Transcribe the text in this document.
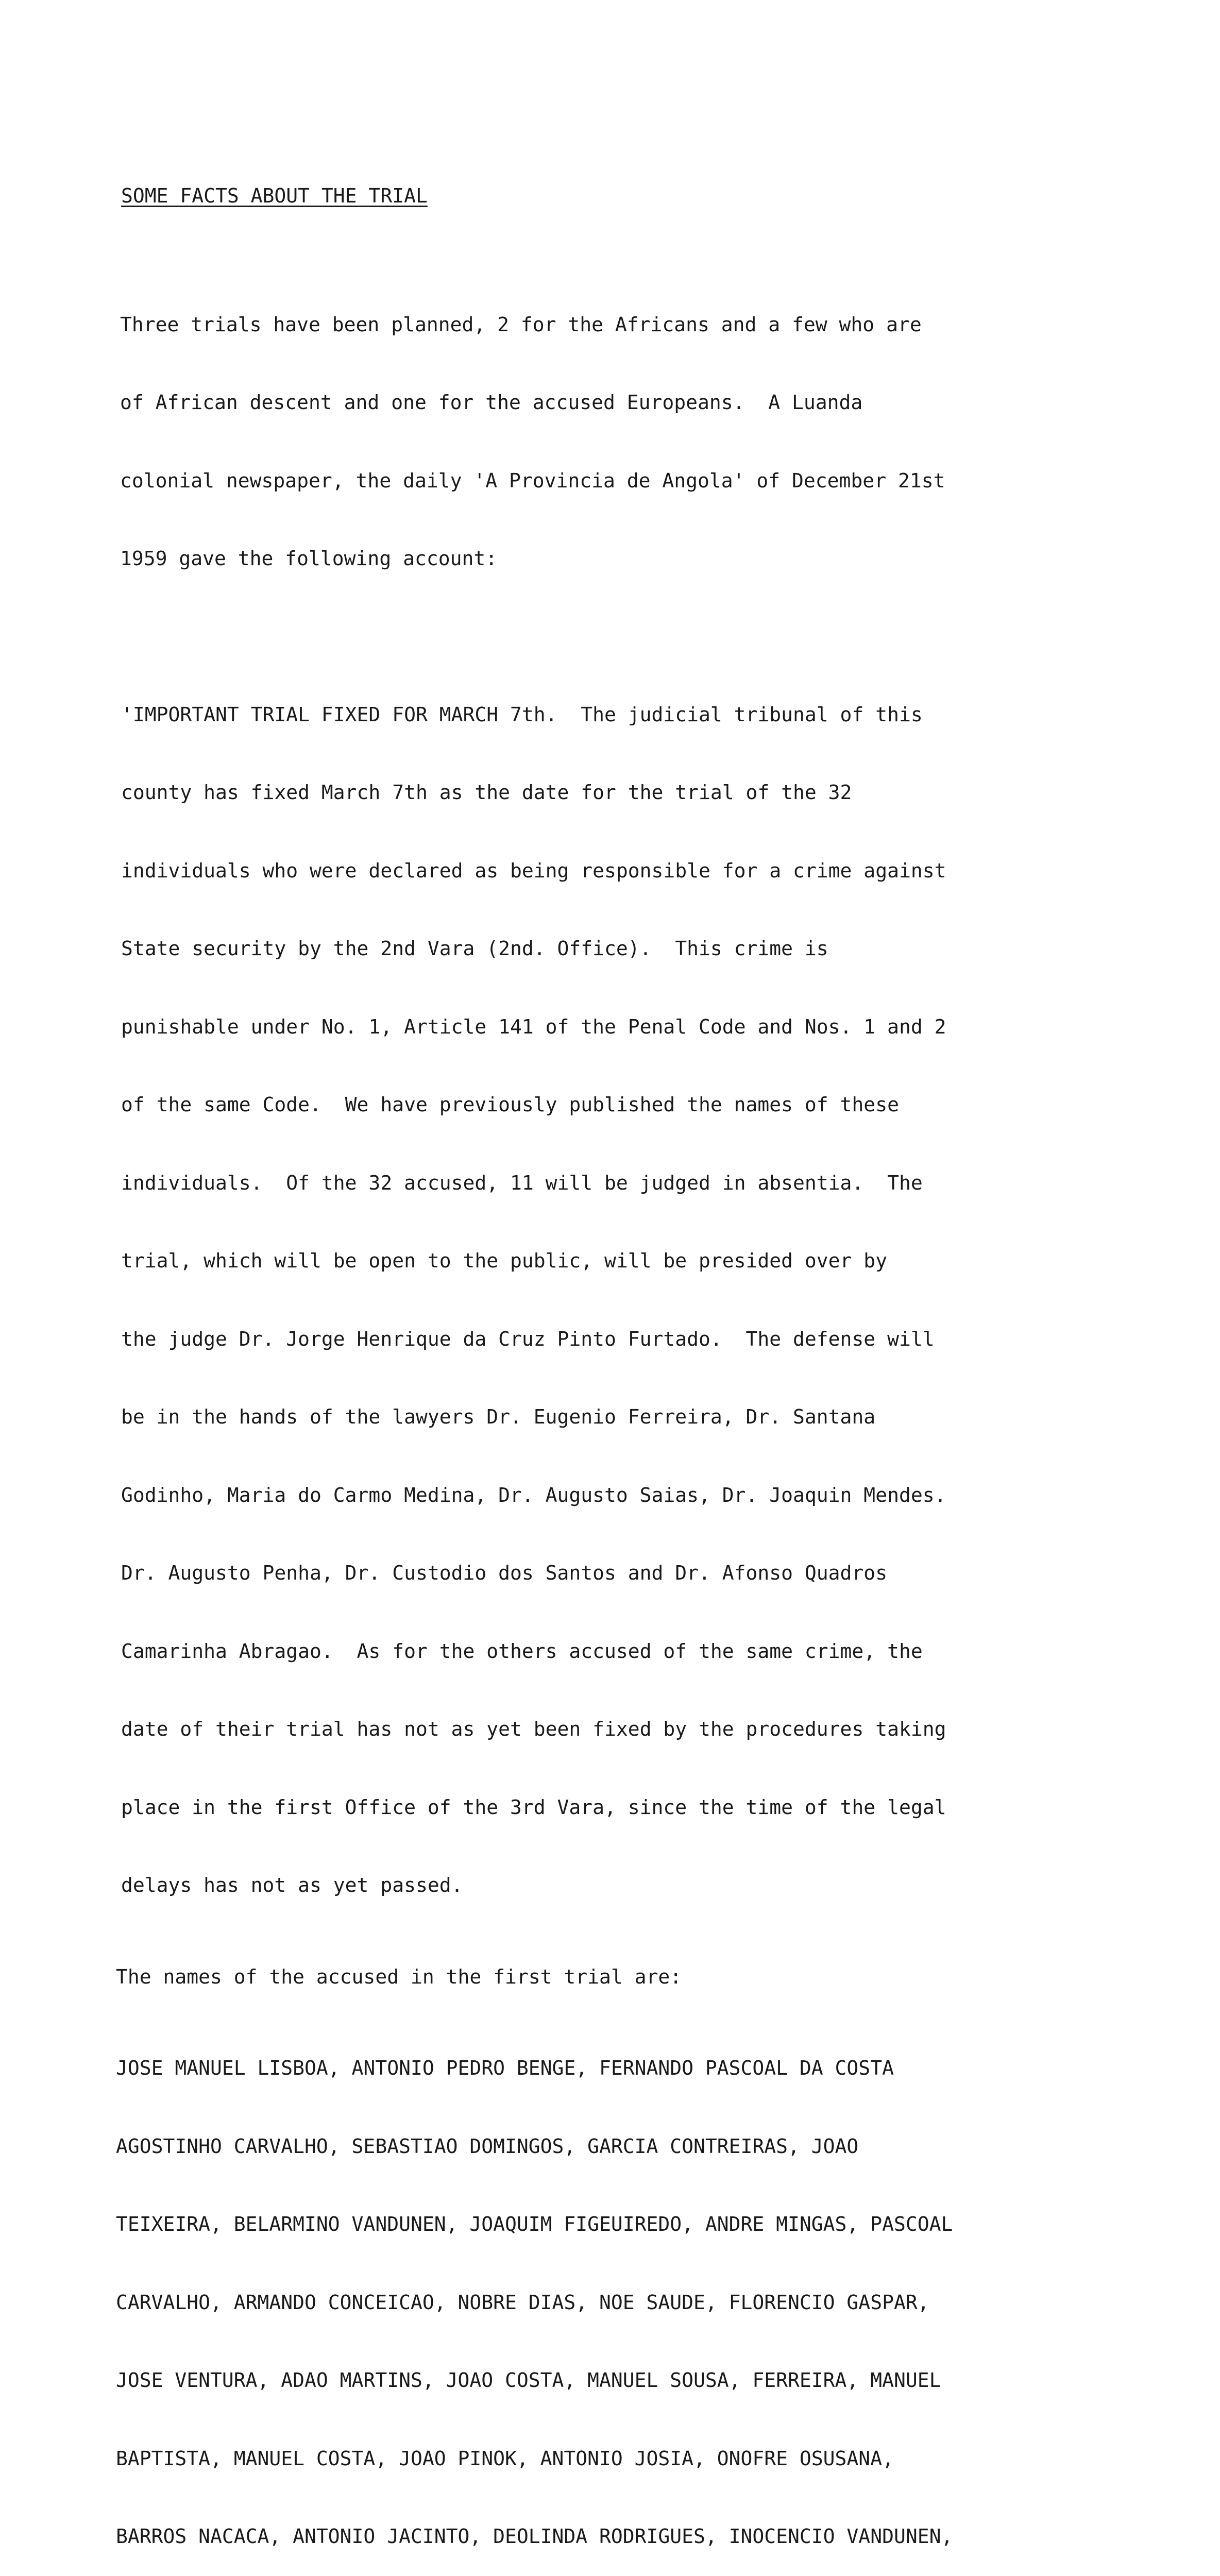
SOME FACTS ABOUT THE TRIAL

Three trials have been planned, 2 for the Africans and a few who are

of African descent and one for the accused Europeans.  A Luanda

colonial newspaper, the daily 'A Provincia de Angola' of December 21st

1959 gave the following account:

'IMPORTANT TRIAL FIXED FOR MARCH 7th.  The judicial tribunal of this

county has fixed March 7th as the date for the trial of the 32

individuals who were declared as being responsible for a crime against

State security by the 2nd Vara (2nd. Office).  This crime is

punishable under No. 1, Article 141 of the Penal Code and Nos. 1 and 2

of the same Code.  We have previously published the names of these

individuals.  Of the 32 accused, 11 will be judged in absentia.  The

trial, which will be open to the public, will be presided over by

the judge Dr. Jorge Henrique da Cruz Pinto Furtado.  The defense will

be in the hands of the lawyers Dr. Eugenio Ferreira, Dr. Santana

Godinho, Maria do Carmo Medina, Dr. Augusto Saias, Dr. Joaquin Mendes.

Dr. Augusto Penha, Dr. Custodio dos Santos and Dr. Afonso Quadros

Camarinha Abragao.  As for the others accused of the same crime, the

date of their trial has not as yet been fixed by the procedures taking

place in the first Office of the 3rd Vara, since the time of the legal

delays has not as yet passed.

The names of the accused in the first trial are:

JOSE MANUEL LISBOA, ANTONIO PEDRO BENGE, FERNANDO PASCOAL DA COSTA

AGOSTINHO CARVALHO, SEBASTIAO DOMINGOS, GARCIA CONTREIRAS, JOAO

TEIXEIRA, BELARMINO VANDUNEN, JOAQUIM FIGEUIREDO, ANDRE MINGAS, PASCOAL

CARVALHO, ARMANDO CONCEICAO, NOBRE DIAS, NOE SAUDE, FLORENCIO GASPAR,

JOSE VENTURA, ADAO MARTINS, JOAO COSTA, MANUEL SOUSA, FERREIRA, MANUEL

BAPTISTA, MANUEL COSTA, JOAO PINOK, ANTONIO JOSIA, ONOFRE OSUSANA,

BARROS NACACA, ANTONIO JACINTO, DEOLINDA RODRIGUES, INOCENCIO VANDUNEN,
